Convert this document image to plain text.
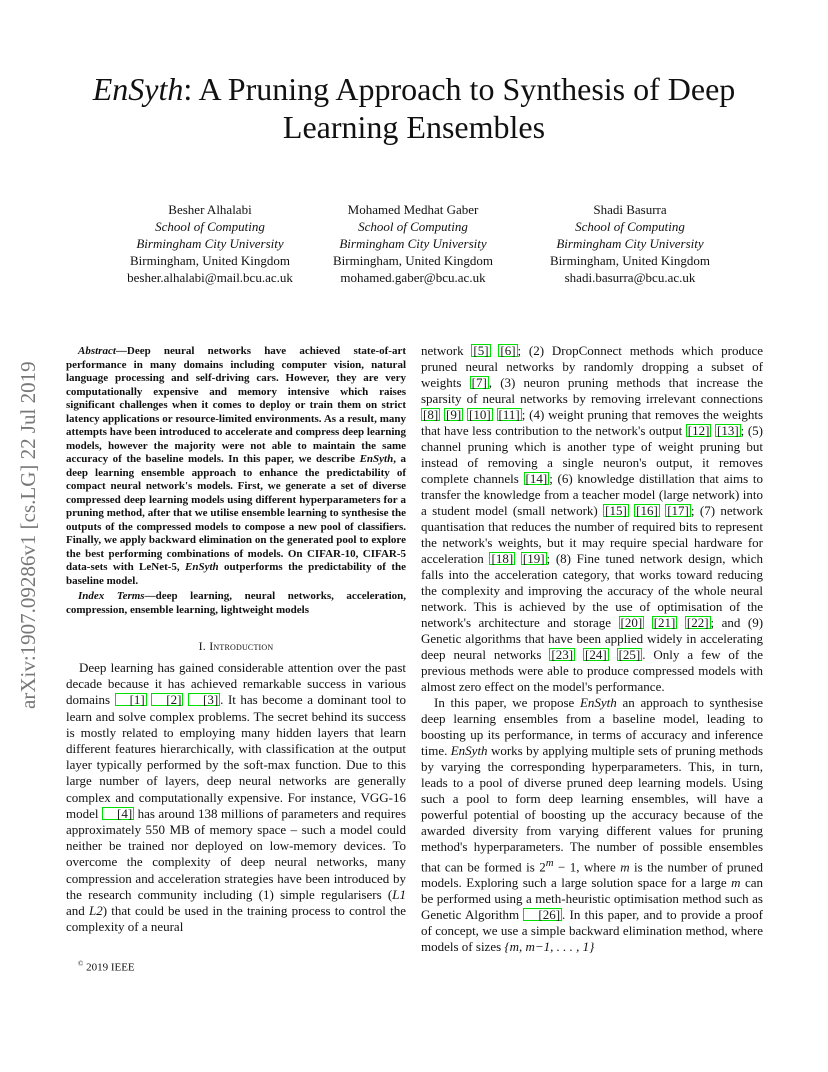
arXiv:1907.09286v1 [cs.LG] 22 Jul 2019
EnSyth: A Pruning Approach to Synthesis of Deep Learning Ensembles
Besher Alhalabi
School of Computing
Birmingham City University
Birmingham, United Kingdom
besher.alhalabi@mail.bcu.ac.uk
Mohamed Medhat Gaber
School of Computing
Birmingham City University
Birmingham, United Kingdom
mohamed.gaber@bcu.ac.uk
Shadi Basurra
School of Computing
Birmingham City University
Birmingham, United Kingdom
shadi.basurra@bcu.ac.uk

Abstract—Deep neural networks have achieved state-of-art performance in many domains including computer vision, natural language processing and self-driving cars. However, they are very computationally expensive and memory intensive which raises significant challenges when it comes to deploy or train them on strict latency applications or resource-limited environments. As a result, many attempts have been introduced to accelerate and compress deep learning models, however the majority were not able to maintain the same accuracy of the baseline models. In this paper, we describe EnSyth, a deep learning ensemble approach to enhance the predictability of compact neural network's models. First, we generate a set of diverse compressed deep learning models using different hyperparameters for a pruning method, after that we utilise ensemble learning to synthesise the outputs of the compressed models to compose a new pool of classifiers. Finally, we apply backward elimination on the generated pool to explore the best performing combinations of models. On CIFAR-10, CIFAR-5 data-sets with LeNet-5, EnSyth outperforms the predictability of the baseline model.

Index Terms—deep learning, neural networks, acceleration, compression, ensemble learning, lightweight models
I. Introduction

Deep learning has gained considerable attention over the past decade because it has achieved remarkable success in various domains [1] [2] [3] . It has become a dominant tool to learn and solve complex problems. The secret behind its success is mostly related to employing many hidden layers that learn different features hierarchically, with classification at the output layer typically performed by the soft-max function. Due to this large number of layers, deep neural networks are generally complex and computationally expensive. For instance, VGG-16 model [4] has around 138 millions of parameters and requires approximately 550 MB of memory space – such a model could neither be trained nor deployed on low-memory devices. To overcome the complexity of deep neural networks, many compression and acceleration strategies have been introduced by the research community including (1) simple regularisers (L1 and L2) that could be used in the training process to control the complexity of a neural

network [5] [6] ; (2) DropConnect methods which produce pruned neural networks by randomly dropping a subset of weights [7] , (3) neuron pruning methods that increase the sparsity of neural networks by removing irrelevant connections [8] [9] [10] [11] ; (4) weight pruning that removes the weights that have less contribution to the network's output [12] [13] ; (5) channel pruning which is another type of weight pruning but instead of removing a single neuron's output, it removes complete channels [14] ; (6) knowledge distillation that aims to transfer the knowledge from a teacher model (large network) into a student model (small network) [15] [16] [17] ; (7) network quantisation that reduces the number of required bits to represent the network's weights, but it may require special hardware for acceleration [18] [19] ; (8) Fine tuned network design, which falls into the acceleration category, that works toward reducing the complexity and improving the accuracy of the whole neural network. This is achieved by the use of optimisation of the network's architecture and storage [20] [21] [22] ; and (9) Genetic algorithms that have been applied widely in accelerating deep neural networks [23] [24] [25] . Only a few of the previous methods were able to produce compressed models with almost zero effect on the model's performance.

In this paper, we propose EnSyth an approach to synthesise deep learning ensembles from a baseline model, leading to boosting up its performance, in terms of accuracy and inference time. EnSyth works by applying multiple sets of pruning methods by varying the corresponding hyperparameters. This, in turn, leads to a pool of diverse pruned deep learning models. Using such a pool to form deep learning ensembles, will have a powerful potential of boosting up the accuracy because of the awarded diversity from varying different values for pruning method's hyperparameters. The number of possible ensembles that can be formed is $2^m - 1$, where m is the number of pruned models. Exploring such a large solution space for a large m can be performed using a meth-heuristic optimisation method such as Genetic Algorithm [26] . In this paper, and to provide a proof of concept, we use a simple backward elimination method, where models of sizes {m, m−1, . . . , 1}

© 2019 IEEE
